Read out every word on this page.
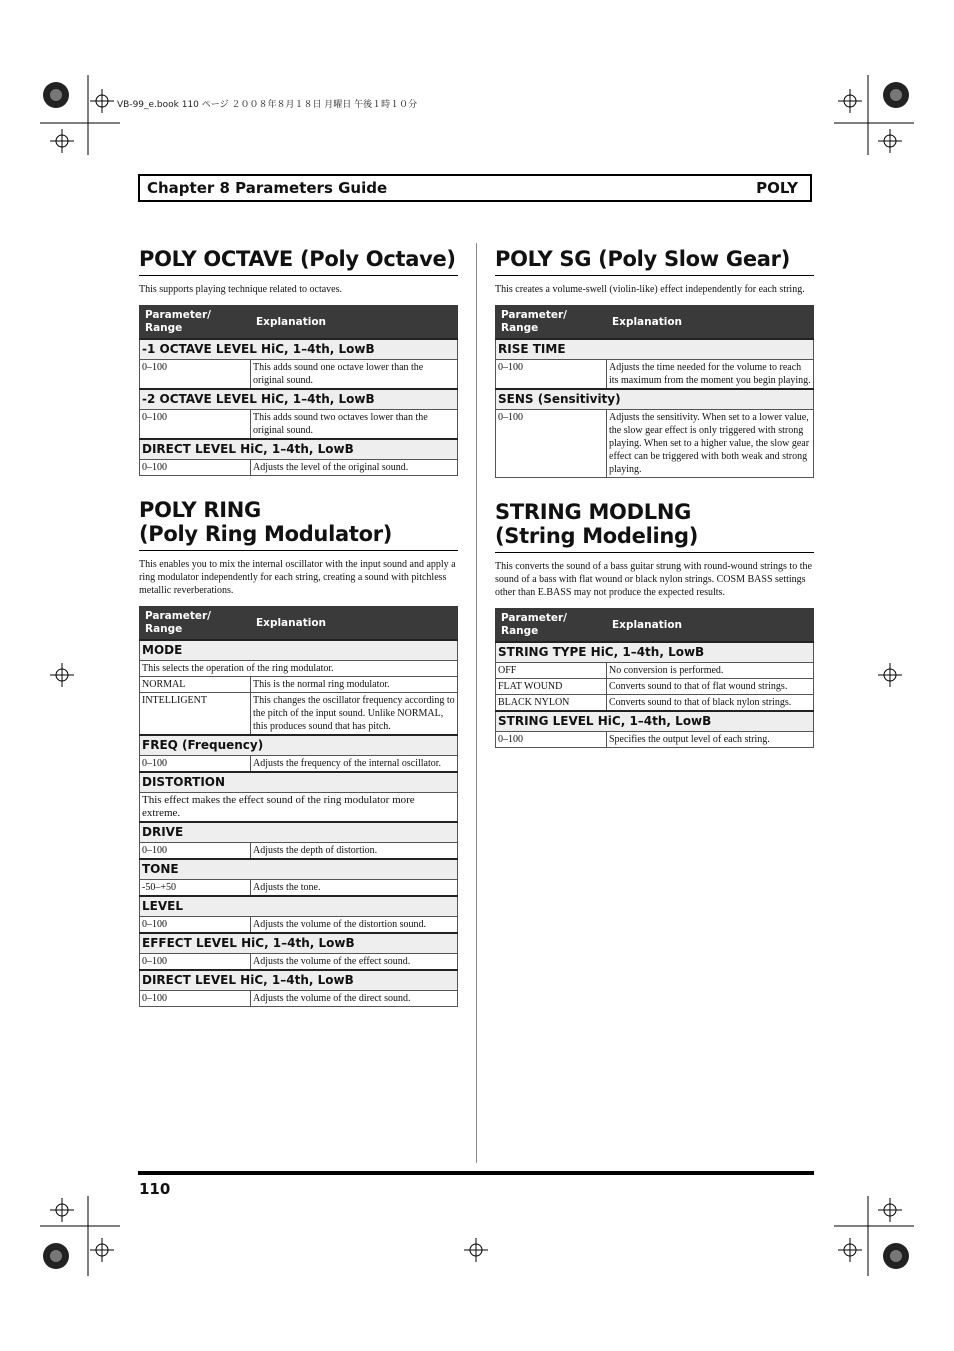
VB-99_e.book 110 ページ ２００８年８月１８日 月曜日 午後１時１０分
Chapter 8 Parameters Guide	POLY
POLY OCTAVE (Poly Octave)

This supports playing technique related to octaves.

Parameter/ Range	Explanation
-1 OCTAVE LEVEL HiC, 1–4th, LowB	
0–100	This adds sound one octave lower than the original sound.
-2 OCTAVE LEVEL HiC, 1–4th, LowB	
0–100	This adds sound two octaves lower than the original sound.
DIRECT LEVEL HiC, 1–4th, LowB	
0–100	Adjusts the level of the original sound.
POLY RING
(Poly Ring Modulator)

This enables you to mix the internal oscillator with the input sound and apply a ring modulator independently for each string, creating a sound with pitchless metallic reverberations.

Parameter/ Range	Explanation
MODE	
This selects the operation of the ring modulator.	
NORMAL	This is the normal ring modulator.
INTELLIGENT	This changes the oscillator frequency according to the pitch of the input sound. Unlike NORMAL, this produces sound that has pitch.
FREQ (Frequency)	
0–100	Adjusts the frequency of the internal oscillator.
DISTORTION	
This effect makes the effect sound of the ring modulator more extreme.	
DRIVE	
0–100	Adjusts the depth of distortion.
TONE	
-50–+50	Adjusts the tone.
LEVEL	
0–100	Adjusts the volume of the distortion sound.
EFFECT LEVEL HiC, 1–4th, LowB	
0–100	Adjusts the volume of the effect sound.
DIRECT LEVEL HiC, 1–4th, LowB	
0–100	Adjusts the volume of the direct sound.
POLY SG (Poly Slow Gear)

This creates a volume-swell (violin-like) effect independently for each string.

Parameter/ Range	Explanation
RISE TIME	
0–100	Adjusts the time needed for the volume to reach its maximum from the moment you begin playing.
SENS (Sensitivity)	
0–100	Adjusts the sensitivity. When set to a lower value, the slow gear effect is only triggered with strong playing. When set to a higher value, the slow gear effect can be triggered with both weak and strong playing.
STRING MODLNG
(String Modeling)

This converts the sound of a bass guitar strung with round-wound strings to the sound of a bass with flat wound or black nylon strings. COSM BASS settings other than E.BASS may not produce the expected results.

Parameter/ Range	Explanation
STRING TYPE HiC, 1–4th, LowB	
OFF	No conversion is performed.
FLAT WOUND	Converts sound to that of flat wound strings.
BLACK NYLON	Converts sound to that of black nylon strings.
STRING LEVEL HiC, 1–4th, LowB	
0–100	Specifies the output level of each string.
110
